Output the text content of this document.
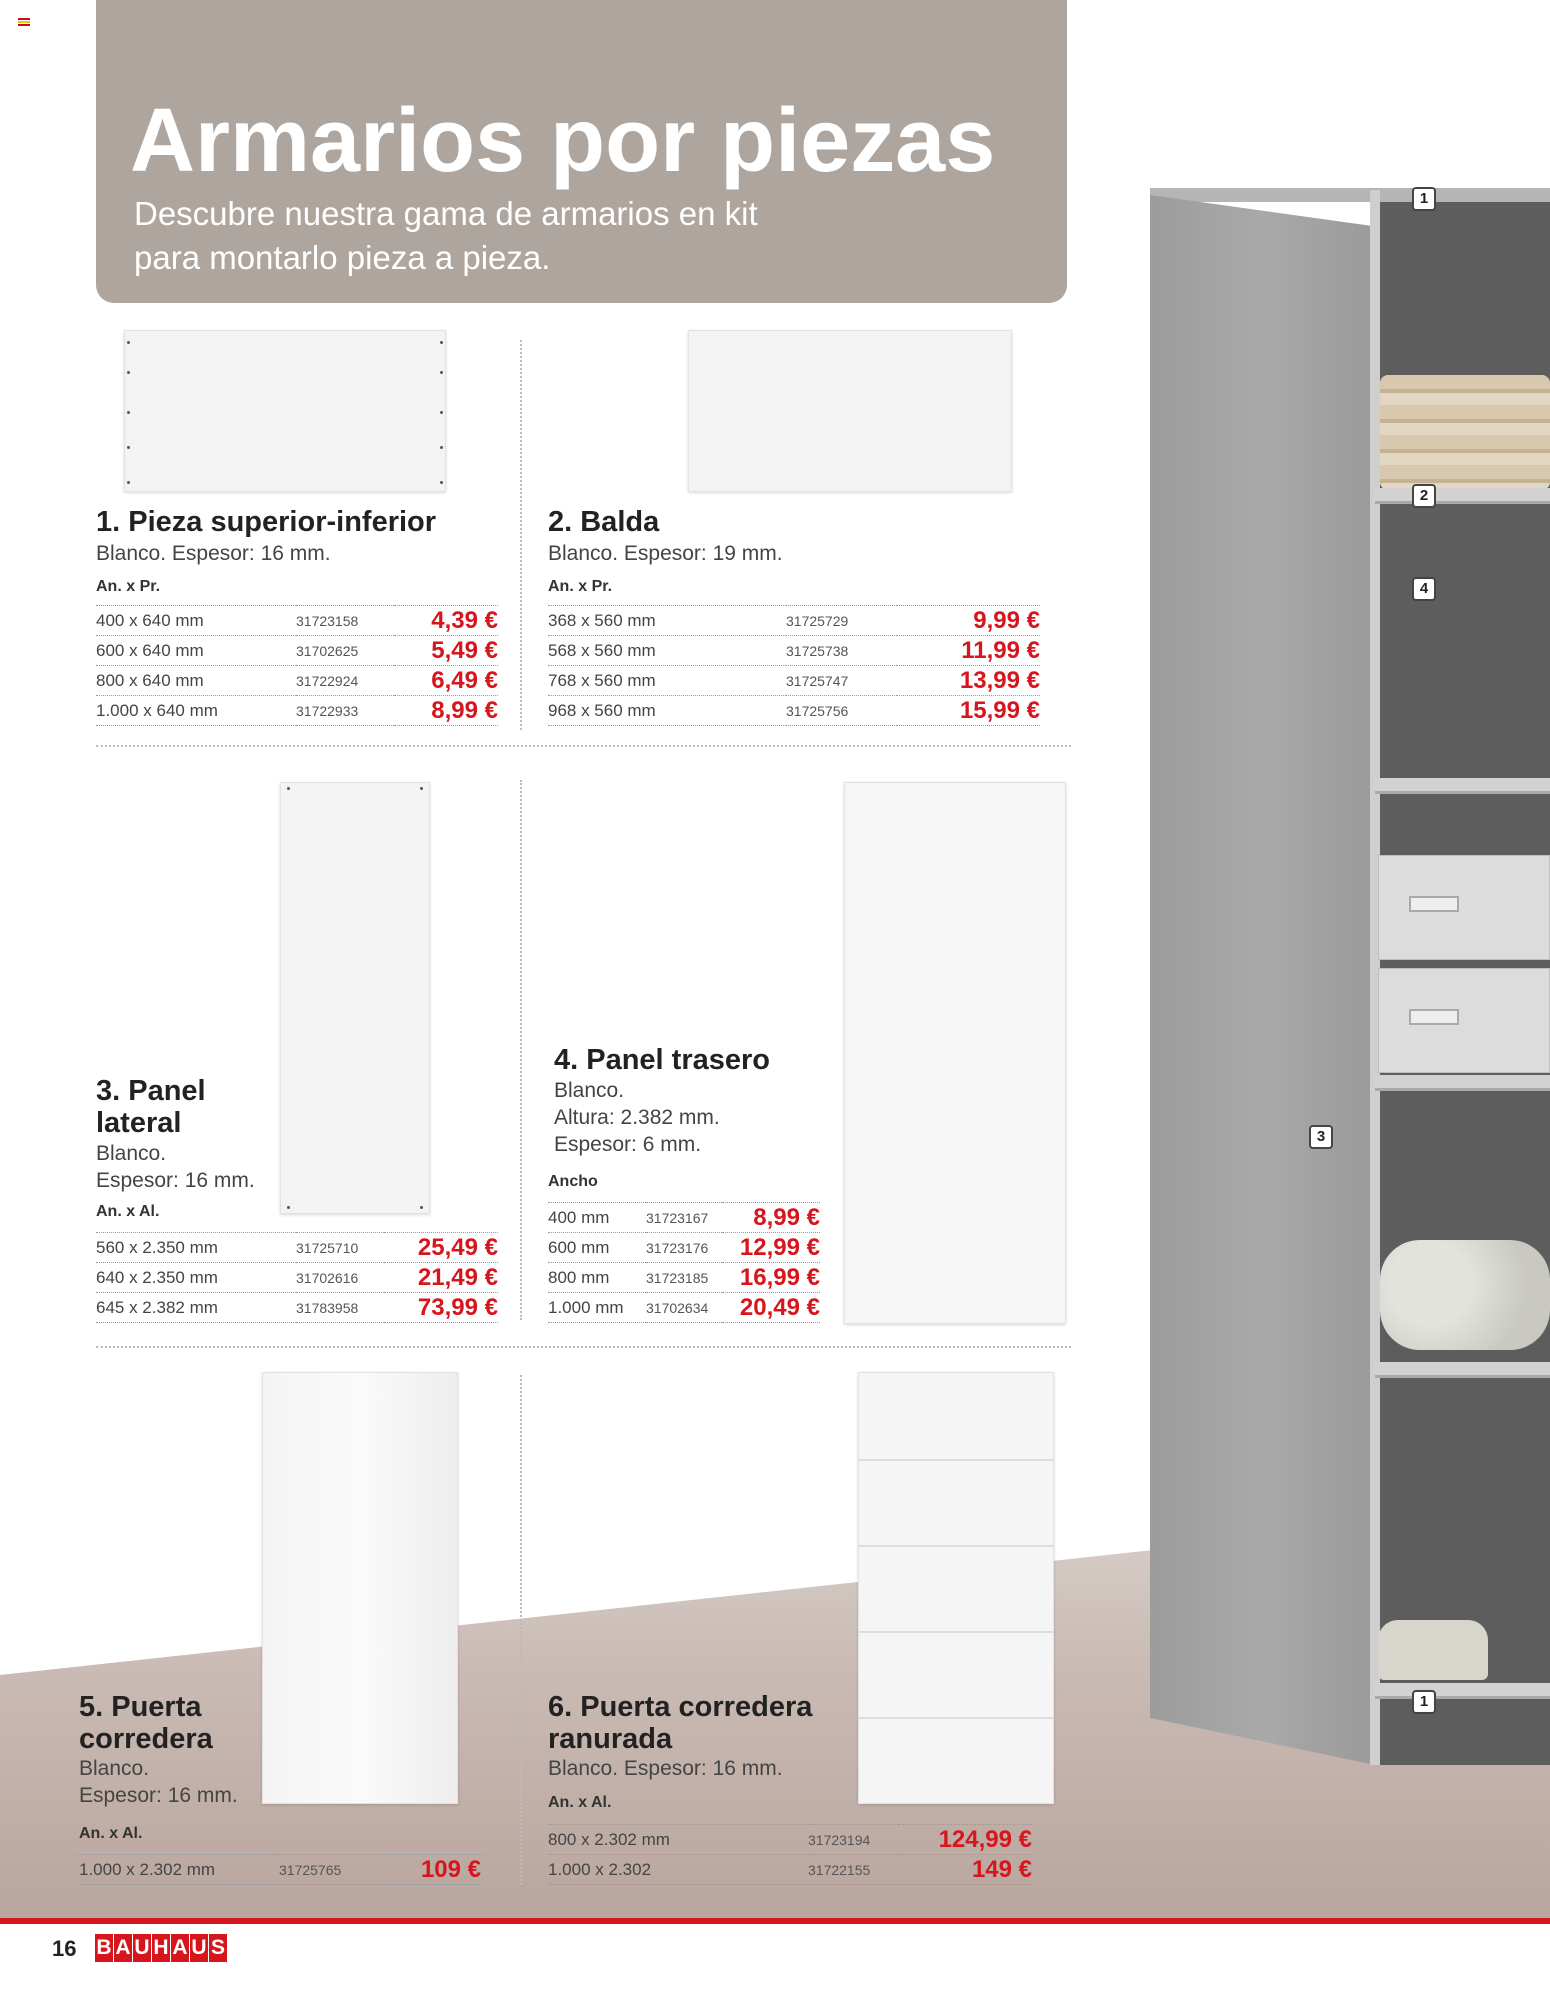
Armarios por piezas
Descubre nuestra gama de armarios en kit
para montarlo pieza a pieza.
1. Pieza superior-inferior
Blanco. Espesor: 16 mm.
An. x Pr.
400 x 640 mm	31723158	4,39 €
600 x 640 mm	31702625	5,49 €
800 x 640 mm	31722924	6,49 €
1.000 x 640 mm	31722933	8,99 €
2. Balda
Blanco. Espesor: 19 mm.
An. x Pr.
368 x 560 mm	31725729	9,99 €
568 x 560 mm	31725738	11,99 €
768 x 560 mm	31725747	13,99 €
968 x 560 mm	31725756	15,99 €
3. Panel
lateral
Blanco.
Espesor: 16 mm.
An. x Al.
560 x 2.350 mm	31725710	25,49 €
640 x 2.350 mm	31702616	21,49 €
645 x 2.382 mm	31783958	73,99 €
4. Panel trasero
Blanco.
Altura: 2.382 mm.
Espesor: 6 mm.
Ancho
400 mm	31723167	8,99 €
600 mm	31723176	12,99 €
800 mm	31723185	16,99 €
1.000 mm	31702634	20,49 €
5. Puerta
corredera
Blanco.
Espesor: 16 mm.
An. x Al.
1.000 x 2.302 mm	31725765	109 €
6. Puerta corredera
ranurada
Blanco. Espesor: 16 mm.
An. x Al.
800 x 2.302 mm	31723194	124,99 €
1.000 x 2.302	31722155	149 €
1
2
4
3
1
16 B A U H A U S
